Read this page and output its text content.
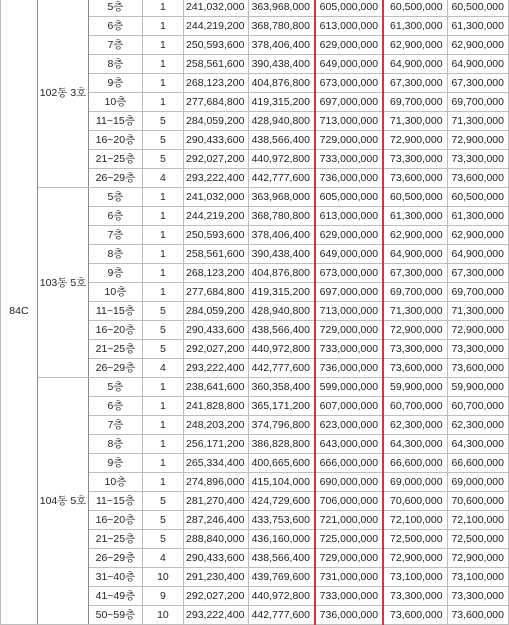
84C	102동 3호	5층	1	241,032,000	363,968,000	605,000,000	60,500,000	60,500,000
		6층	1	244,219,200	368,780,800	613,000,000	61,300,000	61,300,000
		7층	1	250,593,600	378,406,400	629,000,000	62,900,000	62,900,000
		8층	1	258,561,600	390,438,400	649,000,000	64,900,000	64,900,000
		9층	1	268,123,200	404,876,800	673,000,000	67,300,000	67,300,000
		10층	1	277,684,800	419,315,200	697,000,000	69,700,000	69,700,000
		11~15층	5	284,059,200	428,940,800	713,000,000	71,300,000	71,300,000
		16~20층	5	290,433,600	438,566,400	729,000,000	72,900,000	72,900,000
		21~25층	5	292,027,200	440,972,800	733,000,000	73,300,000	73,300,000
		26~29층	4	293,222,400	442,777,600	736,000,000	73,600,000	73,600,000
	103동 5호	5층	1	241,032,000	363,968,000	605,000,000	60,500,000	60,500,000
		6층	1	244,219,200	368,780,800	613,000,000	61,300,000	61,300,000
		7층	1	250,593,600	378,406,400	629,000,000	62,900,000	62,900,000
		8층	1	258,561,600	390,438,400	649,000,000	64,900,000	64,900,000
		9층	1	268,123,200	404,876,800	673,000,000	67,300,000	67,300,000
		10층	1	277,684,800	419,315,200	697,000,000	69,700,000	69,700,000
		11~15층	5	284,059,200	428,940,800	713,000,000	71,300,000	71,300,000
		16~20층	5	290,433,600	438,566,400	729,000,000	72,900,000	72,900,000
		21~25층	5	292,027,200	440,972,800	733,000,000	73,300,000	73,300,000
		26~29층	4	293,222,400	442,777,600	736,000,000	73,600,000	73,600,000
	104동 5호	5층	1	238,641,600	360,358,400	599,000,000	59,900,000	59,900,000
		6층	1	241,828,800	365,171,200	607,000,000	60,700,000	60,700,000
		7층	1	248,203,200	374,796,800	623,000,000	62,300,000	62,300,000
		8층	1	256,171,200	386,828,800	643,000,000	64,300,000	64,300,000
		9층	1	265,334,400	400,665,600	666,000,000	66,600,000	66,600,000
		10층	1	274,896,000	415,104,000	690,000,000	69,000,000	69,000,000
		11~15층	5	281,270,400	424,729,600	706,000,000	70,600,000	70,600,000
		16~20층	5	287,246,400	433,753,600	721,000,000	72,100,000	72,100,000
		21~25층	5	288,840,000	436,160,000	725,000,000	72,500,000	72,500,000
		26~29층	4	290,433,600	438,566,400	729,000,000	72,900,000	72,900,000
		31~40층	10	291,230,400	439,769,600	731,000,000	73,100,000	73,100,000
		41~49층	9	292,027,200	440,972,800	733,000,000	73,300,000	73,300,000
		50~59층	10	293,222,400	442,777,600	736,000,000	73,600,000	73,600,000
